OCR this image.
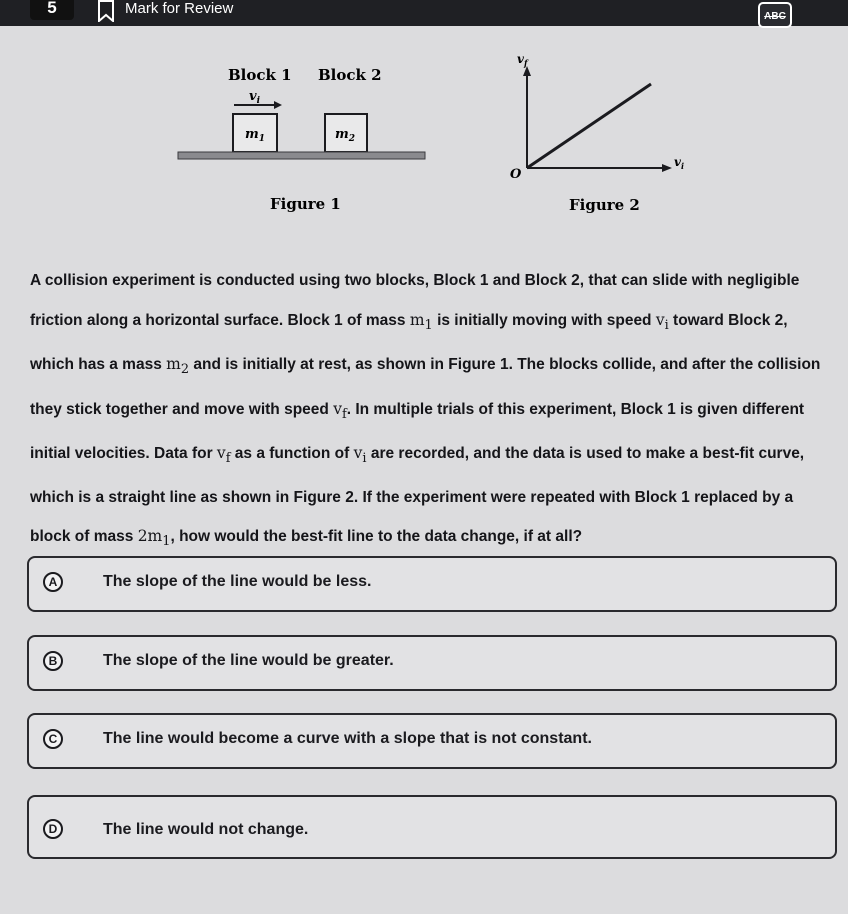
5	Mark for Review	ABC
Block 1 Block 2
$v_i$
$m_1$	$m_2$
Figure 1
$v_f$
$v_i$
O
Figure 2
A collision experiment is conducted using two blocks, Block 1 and Block 2, that can slide with negligible friction along a horizontal surface. Block 1 of mass $m_1$ is initially moving with speed $v_i$ toward Block 2, which has a mass $m_2$ and is initially at rest, as shown in Figure 1. The blocks collide, and after the collision they stick together and move with speed $v_f$. In multiple trials of this experiment, Block 1 is given different initial velocities. Data for $v_f$ as a function of $v_i$ are recorded, and the data is used to make a best-fit curve, which is a straight line as shown in Figure 2. If the experiment were repeated with Block 1 replaced by a block of mass $2m_1$, how would the best-fit line to the data change, if at all?
A	The slope of the line would be less.
B	The slope of the line would be greater.
C	The line would become a curve with a slope that is not constant.
D	The line would not change.
